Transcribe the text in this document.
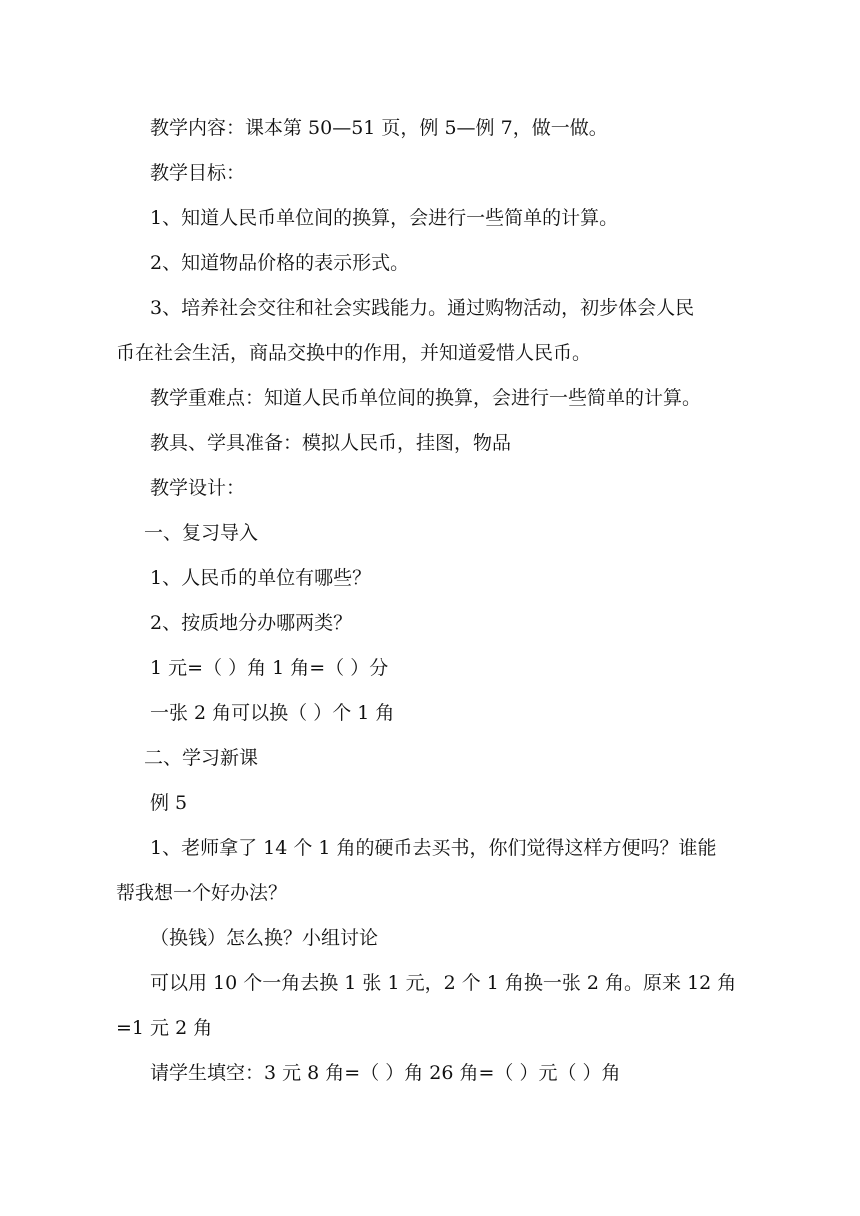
教学内容：课本第 50—51 页，例 5—例 7，做一做。
教学目标：
1、知道人民币单位间的换算，会进行一些简单的计算。
2、知道物品价格的表示形式。
3、培养社会交往和社会实践能力。通过购物活动，初步体会人民
币在社会生活，商品交换中的作用，并知道爱惜人民币。
教学重难点：知道人民币单位间的换算，会进行一些简单的计算。
教具、学具准备：模拟人民币，挂图，物品
教学设计：
一、复习导入
1、人民币的单位有哪些？
2、按质地分办哪两类？
1 元=（ ）角 1 角=（ ）分
一张 2 角可以换（ ）个 1 角
二、学习新课
例 5
1、老师拿了 14 个 1 角的硬币去买书，你们觉得这样方便吗？谁能
帮我想一个好办法？
（换钱）怎么换？小组讨论
可以用 10 个一角去换 1 张 1 元，2 个 1 角换一张 2 角。原来 12 角
=1 元 2 角
请学生填空：3 元 8 角=（ ）角 26 角=（ ）元（ ）角
